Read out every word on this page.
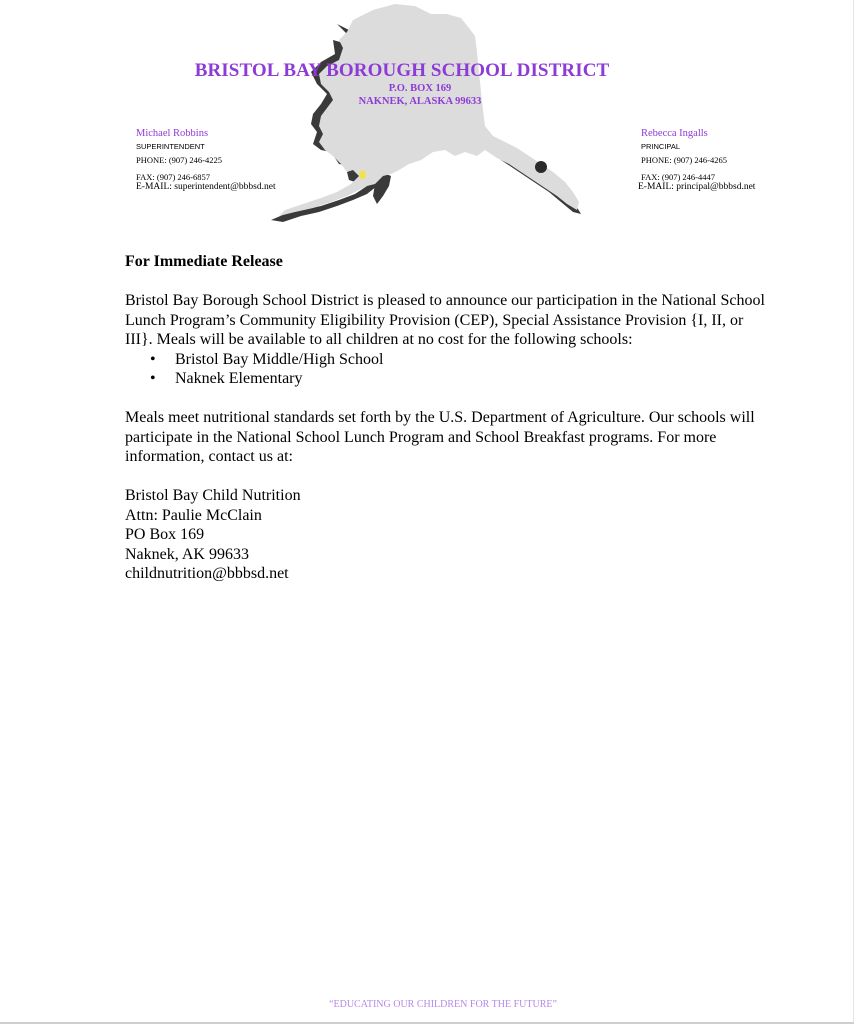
BRISTOL BAY BOROUGH SCHOOL DISTRICT
P.O. BOX 169
NAKNEK, ALASKA 99633
Michael Robbins
SUPERINTENDENT
PHONE: (907) 246-4225
FAX: (907) 246-6857
E-MAIL: superintendent@bbbsd.net
Rebecca Ingalls
PRINCIPAL
PHONE: (907) 246-4265
FAX: (907) 246-4447
E-MAIL: principal@bbbsd.net

For Immediate Release

Bristol Bay Borough School District is pleased to announce our participation in the National School Lunch Program’s Community Eligibility Provision (CEP), Special Assistance Provision {I, II, or III}. Meals will be available to all children at no cost for the following schools:

• Bristol Bay Middle/High School
• Naknek Elementary

Meals meet nutritional standards set forth by the U.S. Department of Agriculture. Our schools will participate in the National School Lunch Program and School Breakfast programs. For more information, contact us at:

Bristol Bay Child Nutrition

Attn: Paulie McClain

PO Box 169

Naknek, AK 99633

childnutrition@bbbsd.net

“EDUCATING OUR CHILDREN FOR THE FUTURE”
